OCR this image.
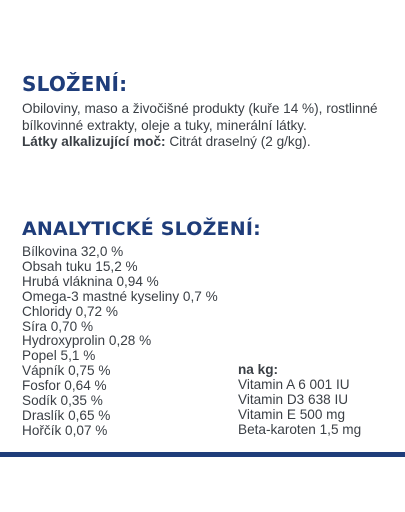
SLOŽENÍ:
Obiloviny, maso a živočišné produkty (kuře 14 %), rostlinné bílkovinné extrakty, oleje a tuky, minerální látky.
Látky alkalizující moč: Citrát draselný (2 g/kg).
ANALYTICKÉ SLOŽENÍ:
Bílkovina 32,0 %
Obsah tuku 15,2 %
Hrubá vláknina 0,94 %
Omega-3 mastné kyseliny 0,7 %
Chloridy 0,72 %
Síra 0,70 %
Hydroxyprolin 0,28 %
Popel 5,1 %
Vápník 0,75 %
Fosfor 0,64 %
Sodík 0,35 %
Draslík 0,65 %
Hořčík 0,07 %
na kg:
Vitamin A 6 001 IU
Vitamin D3 638 IU
Vitamin E 500 mg
Beta-karoten 1,5 mg
